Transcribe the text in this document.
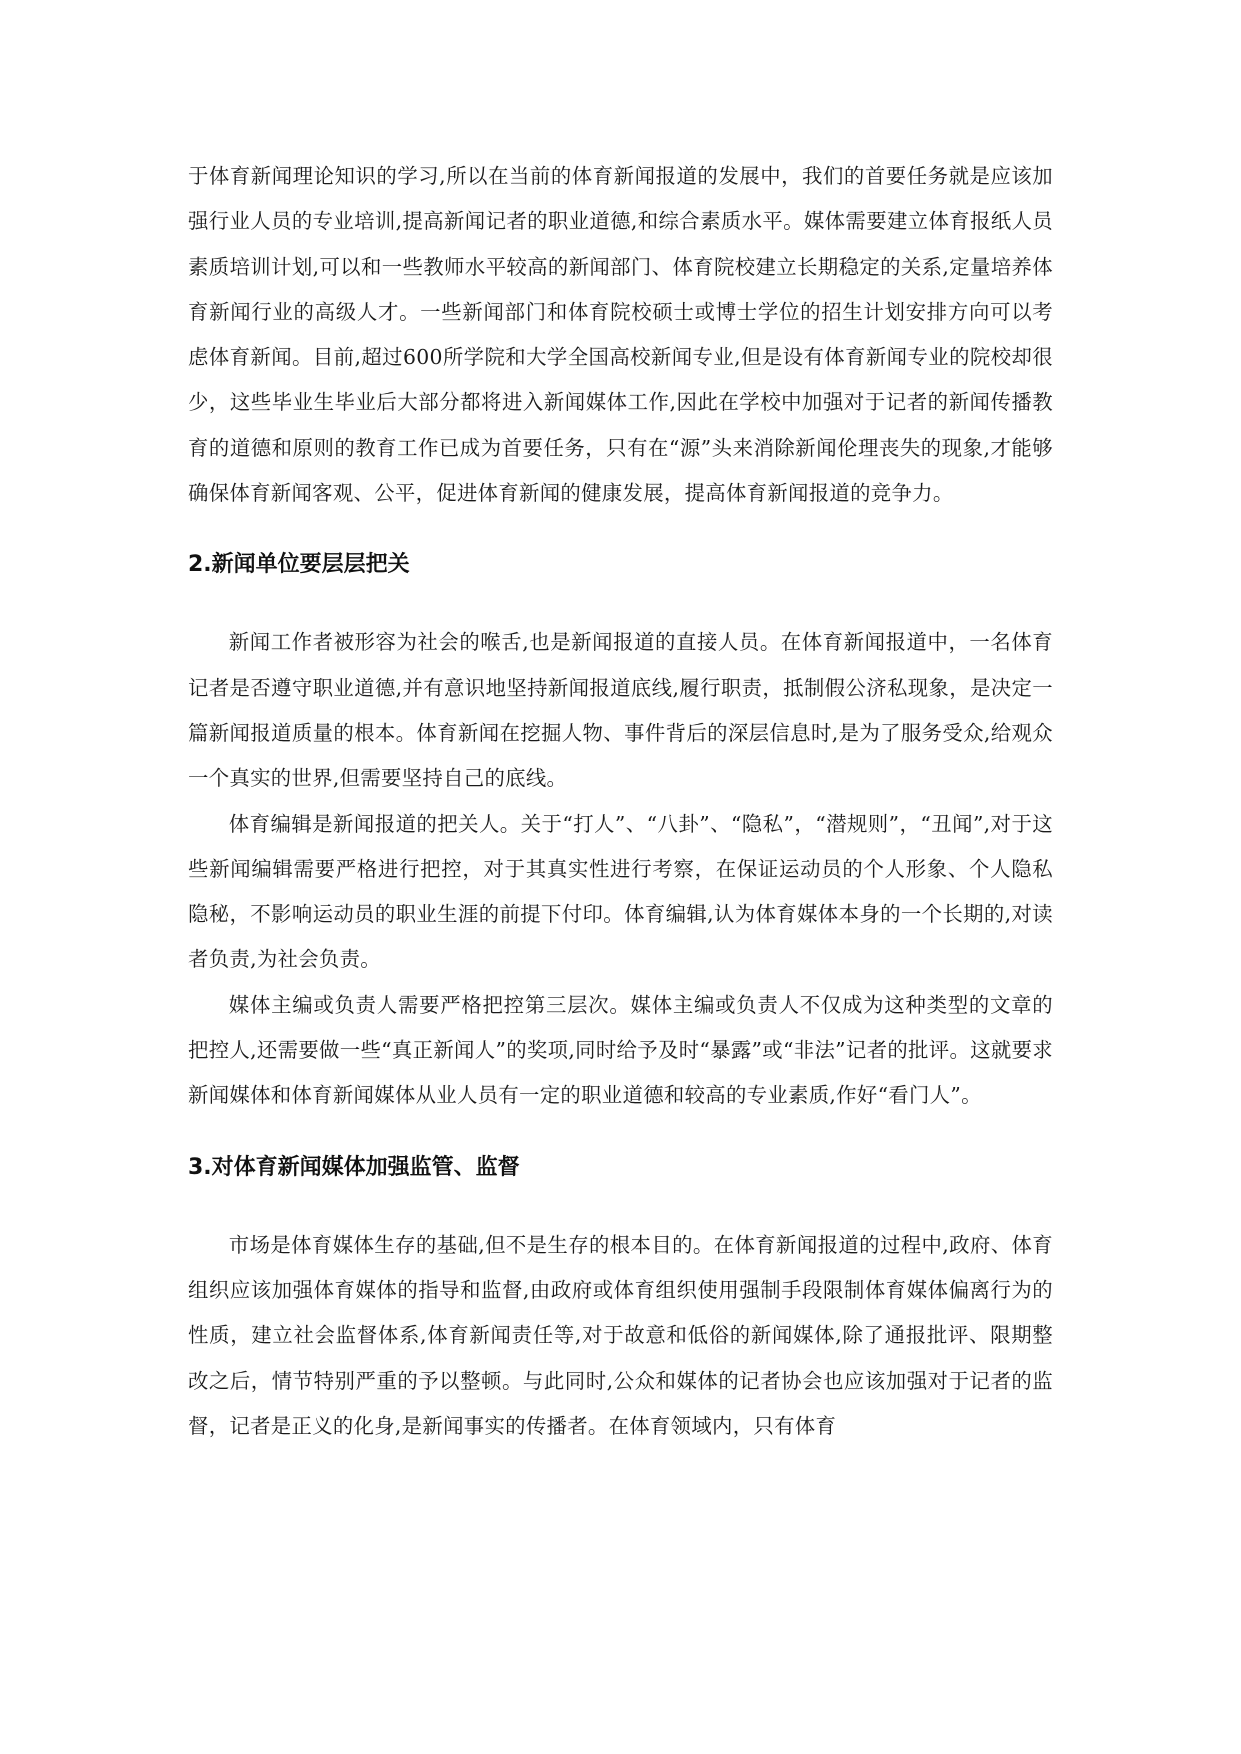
于体育新闻理论知识的学习,所以在当前的体育新闻报道的发展中，我们的首要任务就是应该加强行业人员的专业培训,提高新闻记者的职业道德,和综合素质水平。媒体需要建立体育报纸人员素质培训计划,可以和一些教师水平较高的新闻部门、体育院校建立长期稳定的关系,定量培养体育新闻行业的高级人才。一些新闻部门和体育院校硕士或博士学位的招生计划安排方向可以考虑体育新闻。目前,超过600所学院和大学全国高校新闻专业,但是设有体育新闻专业的院校却很少，这些毕业生毕业后大部分都将进入新闻媒体工作,因此在学校中加强对于记者的新闻传播教育的道德和原则的教育工作已成为首要任务，只有在“源”头来消除新闻伦理丧失的现象,才能够确保体育新闻客观、公平，促进体育新闻的健康发展，提高体育新闻报道的竞争力。

2.新闻单位要层层把关

新闻工作者被形容为社会的喉舌,也是新闻报道的直接人员。在体育新闻报道中，一名体育记者是否遵守职业道德,并有意识地坚持新闻报道底线,履行职责，抵制假公济私现象，是决定一篇新闻报道质量的根本。体育新闻在挖掘人物、事件背后的深层信息时,是为了服务受众,给观众一个真实的世界,但需要坚持自己的底线。

体育编辑是新闻报道的把关人。关于“打人”、“八卦”、“隐私”，“潜规则”，“丑闻”,对于这些新闻编辑需要严格进行把控，对于其真实性进行考察，在保证运动员的个人形象、个人隐私隐秘，不影响运动员的职业生涯的前提下付印。体育编辑,认为体育媒体本身的一个长期的,对读者负责,为社会负责。

媒体主编或负责人需要严格把控第三层次。媒体主编或负责人不仅成为这种类型的文章的把控人,还需要做一些“真正新闻人”的奖项,同时给予及时“暴露”或“非法”记者的批评。这就要求新闻媒体和体育新闻媒体从业人员有一定的职业道德和较高的专业素质,作好“看门人”。

3.对体育新闻媒体加强监管、监督

市场是体育媒体生存的基础,但不是生存的根本目的。在体育新闻报道的过程中,政府、体育组织应该加强体育媒体的指导和监督,由政府或体育组织使用强制手段限制体育媒体偏离行为的性质，建立社会监督体系,体育新闻责任等,对于故意和低俗的新闻媒体,除了通报批评、限期整改之后，情节特别严重的予以整顿。与此同时,公众和媒体的记者协会也应该加强对于记者的监督，记者是正义的化身,是新闻事实的传播者。在体育领域内，只有体育
